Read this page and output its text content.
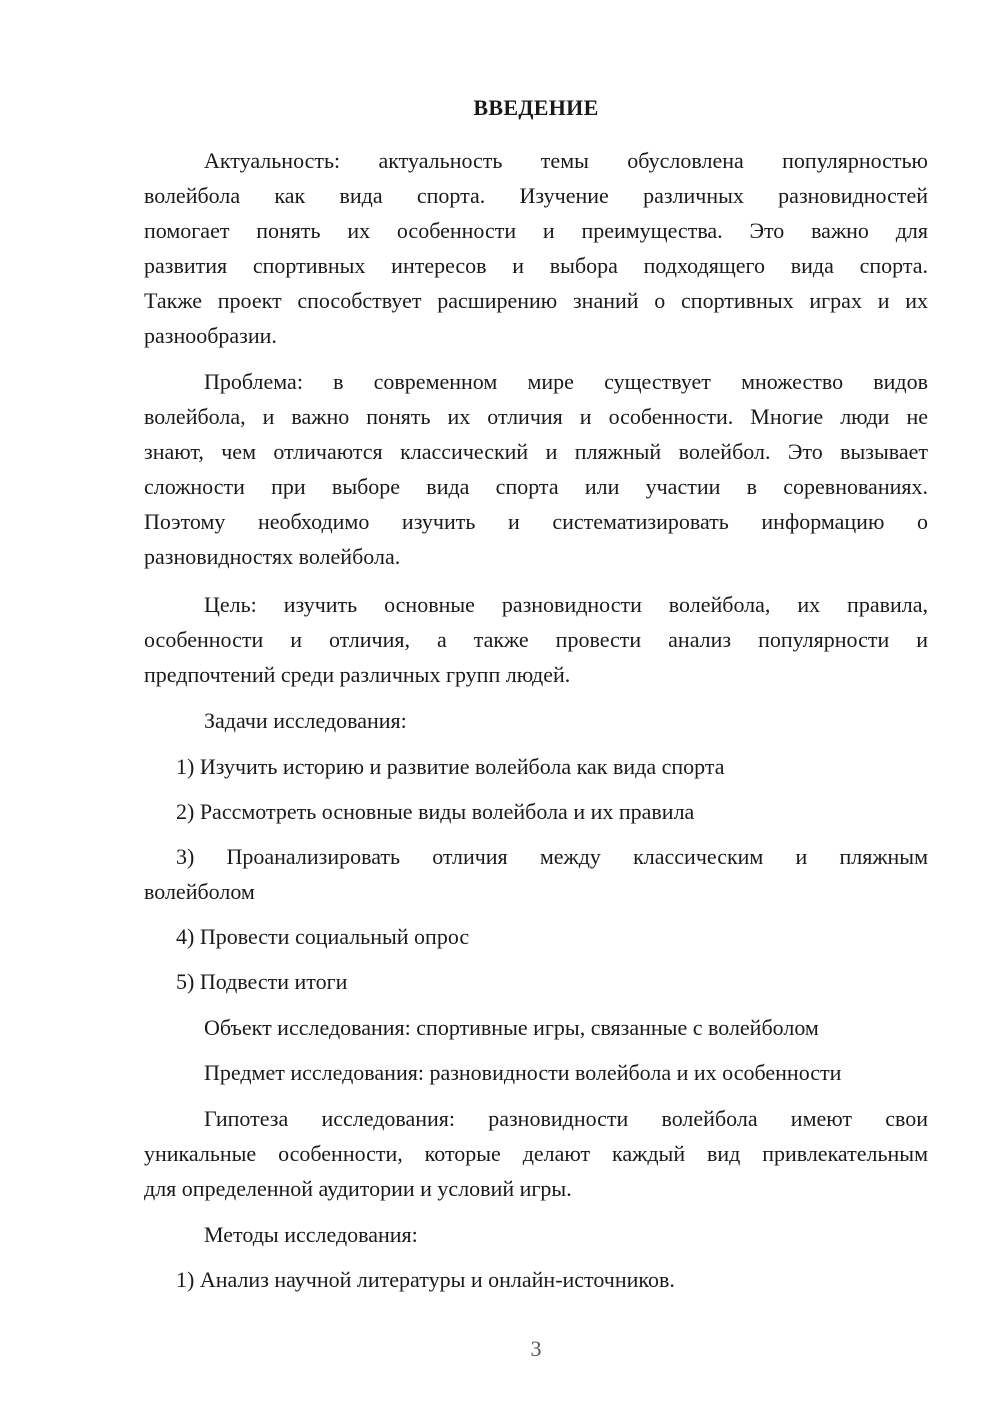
ВВЕДЕНИЕ
Актуальность: актуальность темы обусловлена популярностью
волейбола как вида спорта. Изучение различных разновидностей
помогает понять их особенности и преимущества. Это важно для
развития спортивных интересов и выбора подходящего вида спорта.
Также проект способствует расширению знаний о спортивных играх и их
разнообразии.
Проблема: в современном мире существует множество видов
волейбола, и важно понять их отличия и особенности. Многие люди не
знают, чем отличаются классический и пляжный волейбол. Это вызывает
сложности при выборе вида спорта или участии в соревнованиях.
Поэтому необходимо изучить и систематизировать информацию о
разновидностях волейбола.
Цель: изучить основные разновидности волейбола, их правила,
особенности и отличия, а также провести анализ популярности и
предпочтений среди различных групп людей.
Задачи исследования:
1) Изучить историю и развитие волейбола как вида спорта
2) Рассмотреть основные виды волейбола и их правила
3) Проанализировать отличия между классическим и пляжным
волейболом
4) Провести социальный опрос
5) Подвести итоги
Объект исследования: спортивные игры, связанные с волейболом
Предмет исследования: разновидности волейбола и их особенности
Гипотеза исследования: разновидности волейбола имеют свои
уникальные особенности, которые делают каждый вид привлекательным
для определенной аудитории и условий игры.
Методы исследования:
1) Анализ научной литературы и онлайн-источников.
3
